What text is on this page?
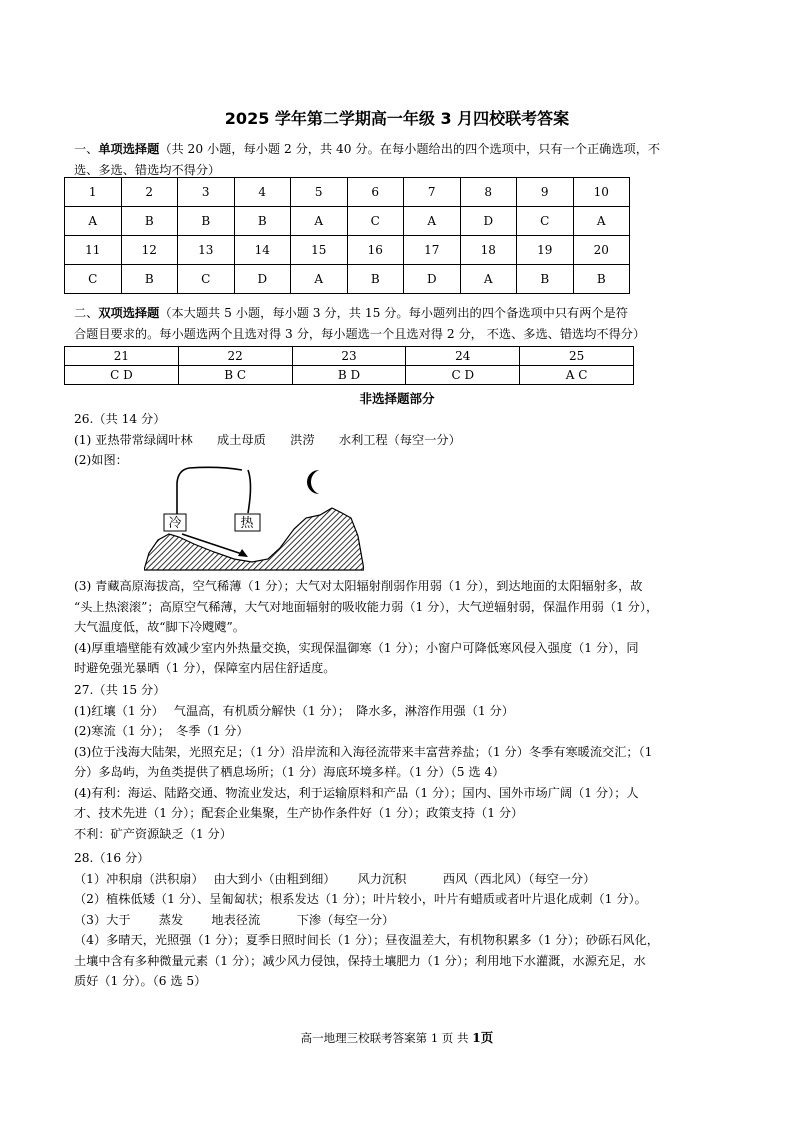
2025 学年第二学期高一年级 3 月四校联考答案
一、单项选择题（共 20 小题，每小题 2 分，共 40 分。在每小题给出的四个选项中，只有一个正确选项，不
选、多选、错选均不得分）
1	2	3	4	5	6	7	8	9	10
A	B	B	B	A	C	A	D	C	A
11	12	13	14	15	16	17	18	19	20
C	B	C	D	A	B	D	A	B	B
二、双项选择题（本大题共 5 小题，每小题 3 分，共 15 分。每小题列出的四个备选项中只有两个是符
合题目要求的。每小题选两个且选对得 3 分，每小题选一个且选对得 2 分， 不选、多选、错选均不得分）
21	22	23	24	25
C D	B C	B D	C D	A C
非选择题部分
26.（共 14 分）
(1) 亚热带常绿阔叶林　　成土母质　　洪涝　　水利工程（每空一分）
(2)如图：
冷	热
(3) 青藏高原海拔高，空气稀薄（1 分）；大气对太阳辐射削弱作用弱（1 分），到达地面的太阳辐射多，故
“头上热滚滚”；高原空气稀薄，大气对地面辐射的吸收能力弱（1 分），大气逆辐射弱，保温作用弱（1 分），
大气温度低，故“脚下冷飕飕”。
(4)厚重墙壁能有效减少室内外热量交换，实现保温御寒（1 分）；小窗户可降低寒风侵入强度（1 分），同
时避免强光暴晒（1 分），保障室内居住舒适度。
27.（共 15 分）
(1)红壤（1 分）　 气温高，有机质分解快（1 分）；　降水多，淋溶作用强（1 分）
(2)寒流（1 分）；　冬季（1 分）
(3)位于浅海大陆架，光照充足；（1 分）沿岸流和入海径流带来丰富营养盐；（1 分）冬季有寒暖流交汇；（1
分）多岛屿，为鱼类提供了栖息场所；（1 分）海底环境多样。（1 分）（5 选 4）
(4)有利：海运、陆路交通、物流业发达，利于运输原料和产品（1 分）；国内、国外市场广阔（1 分）；人
才、技术先进（1 分）；配套企业集聚，生产协作条件好（1 分）；政策支持（1 分）
不利：矿产资源缺乏（1 分）
28.（16 分）
（1）冲积扇（洪积扇）　 由大到小（由粗到细）　　 风力沉积　　　西风（西北风）（每空一分）
（2）植株低矮（1 分）、呈匍匐状；根系发达（1 分）；叶片较小，叶片有蜡质或者叶片退化成刺（1 分）。
（3）大于　　 蒸发　　 地表径流　　　下渗（每空一分）
（4）多晴天，光照强（1 分）；夏季日照时间长（1 分）；昼夜温差大，有机物积累多（1 分）；砂砾石风化，
土壤中含有多种微量元素（1 分）；减少风力侵蚀，保持土壤肥力（1 分）；利用地下水灌溉，水源充足，水
质好（1 分）。（6 选 5）
高一地理三校联考答案第 1 页 共 1页
